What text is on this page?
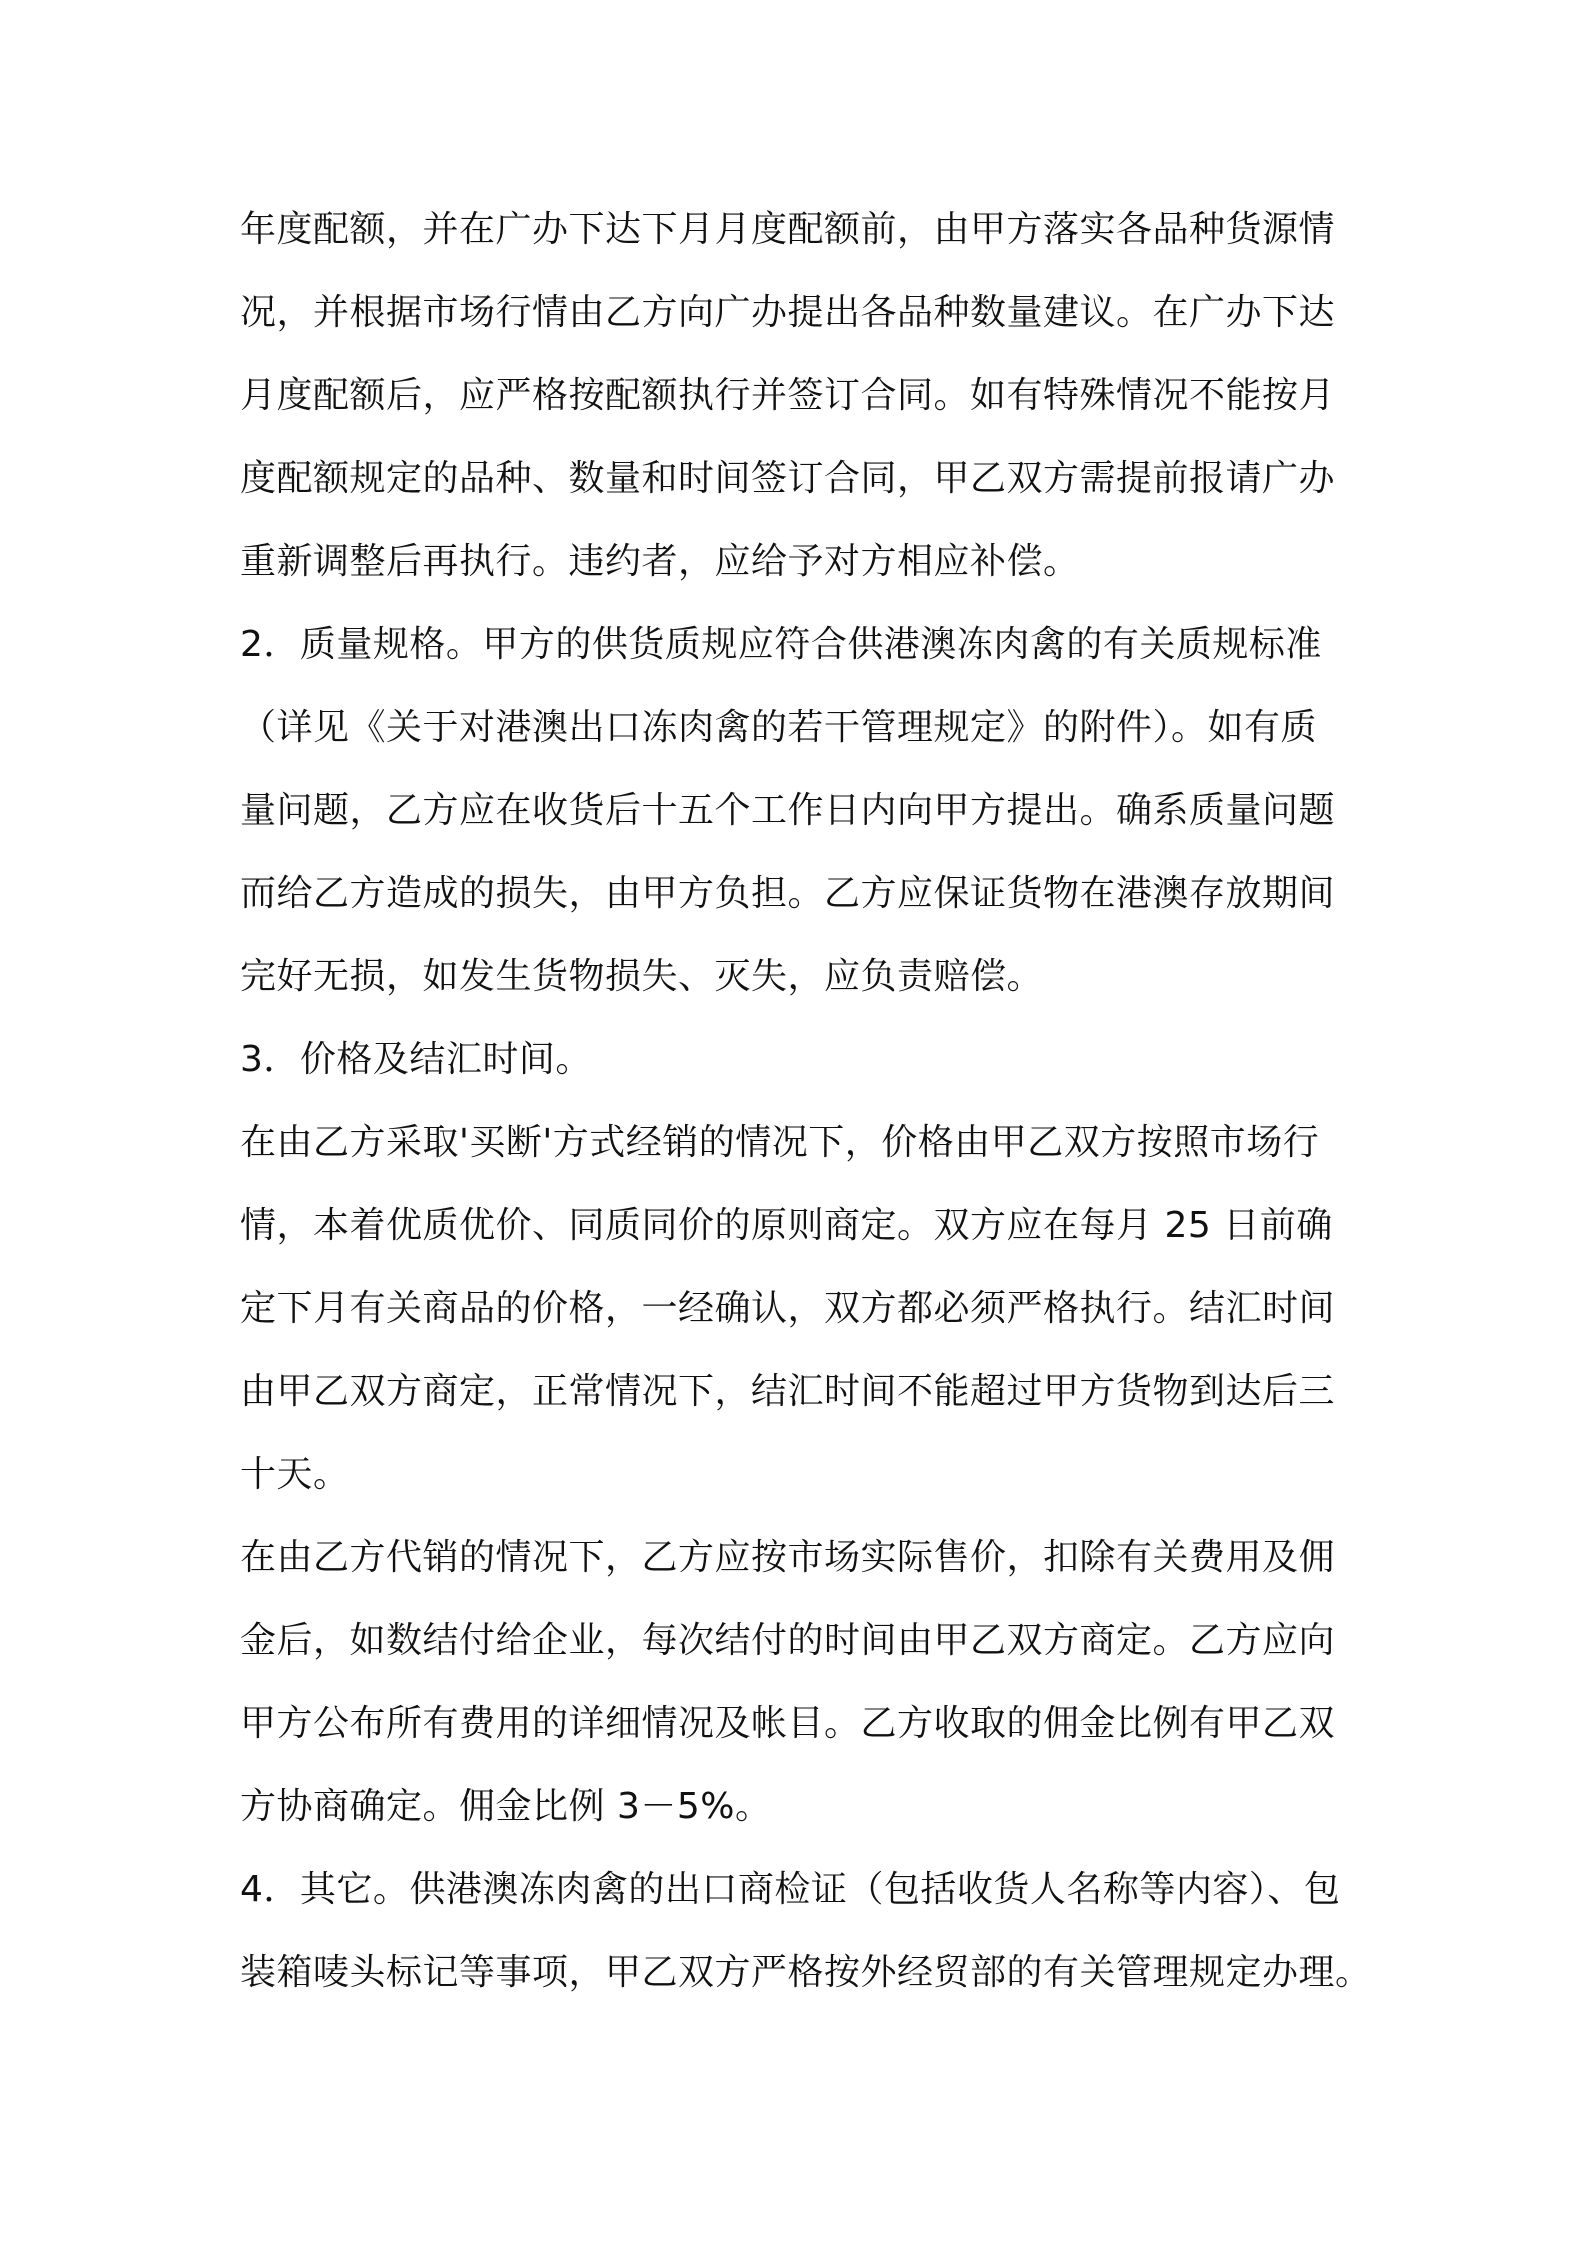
年度配额，并在广办下达下月月度配额前，由甲方落实各品种货源情
况，并根据市场行情由乙方向广办提出各品种数量建议。在广办下达
月度配额后，应严格按配额执行并签订合同。如有特殊情况不能按月
度配额规定的品种、数量和时间签订合同，甲乙双方需提前报请广办
重新调整后再执行。违约者，应给予对方相应补偿。
2．质量规格。甲方的供货质规应符合供港澳冻肉禽的有关质规标准
（详见《关于对港澳出口冻肉禽的若干管理规定》的附件）。如有质
量问题，乙方应在收货后十五个工作日内向甲方提出。确系质量问题
而给乙方造成的损失，由甲方负担。乙方应保证货物在港澳存放期间
完好无损，如发生货物损失、灭失，应负责赔偿。
3．价格及结汇时间。
在由乙方采取'买断'方式经销的情况下，价格由甲乙双方按照市场行
情，本着优质优价、同质同价的原则商定。双方应在每月 25 日前确
定下月有关商品的价格，一经确认，双方都必须严格执行。结汇时间
由甲乙双方商定，正常情况下，结汇时间不能超过甲方货物到达后三
十天。
在由乙方代销的情况下，乙方应按市场实际售价，扣除有关费用及佣
金后，如数结付给企业，每次结付的时间由甲乙双方商定。乙方应向
甲方公布所有费用的详细情况及帐目。乙方收取的佣金比例有甲乙双
方协商确定。佣金比例 3－5%。
4．其它。供港澳冻肉禽的出口商检证（包括收货人名称等内容）、包
装箱唛头标记等事项，甲乙双方严格按外经贸部的有关管理规定办理。
